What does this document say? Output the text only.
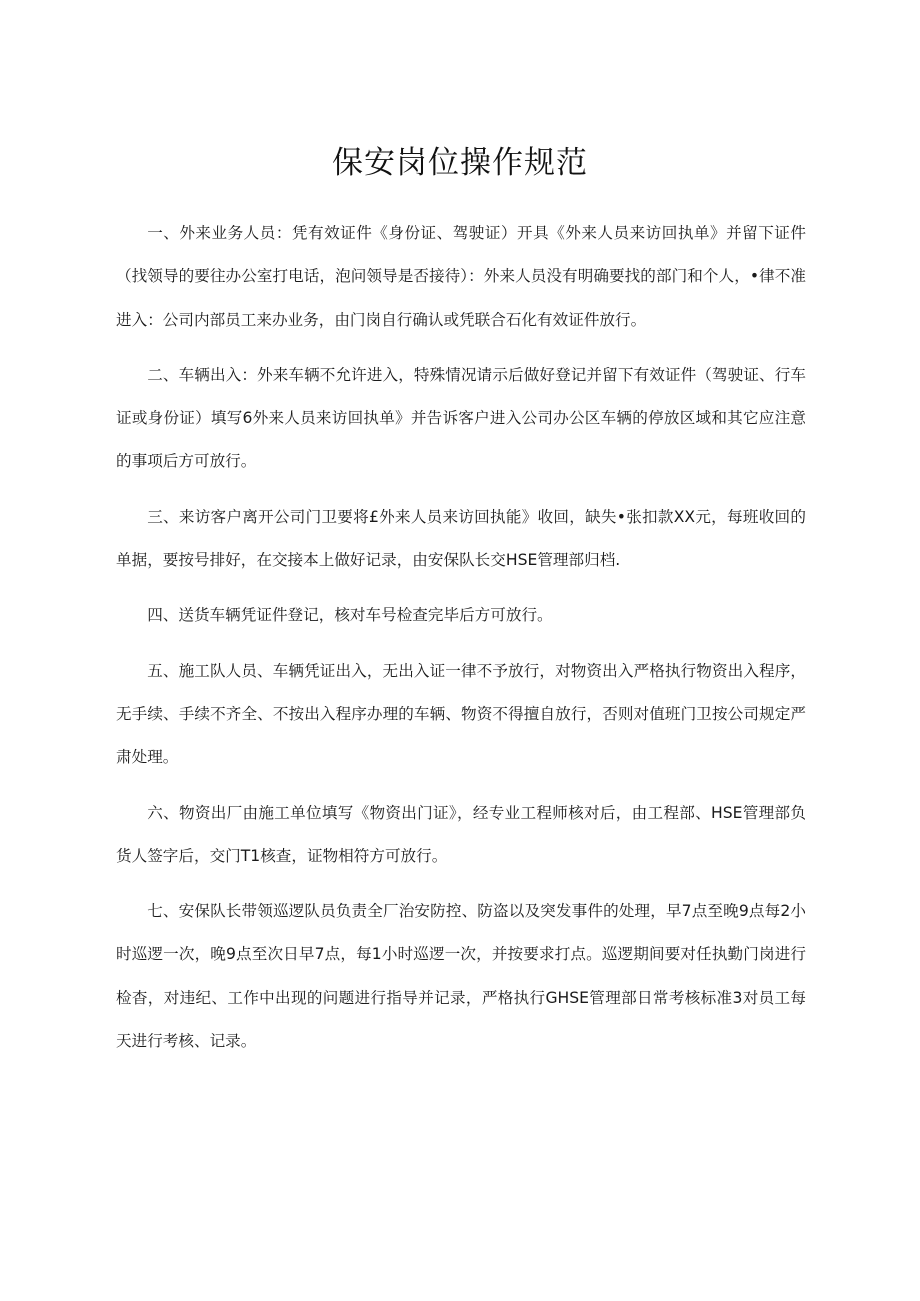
保安岗位操作规范

一、外来业务人员：凭有效证件《身份证、驾驶证）开具《外来人员来访回执单》并留下证件（找领导的要往办公室打电话，泡问领导是否接待）：外来人员没有明确要找的部门和个人，•律不准进入：公司内部员工来办业务，由门岗自行确认或凭联合石化有效证件放行。

二、车辆出入：外来车辆不允许进入，特殊情况请示后做好登记并留下有效证件（驾驶证、行车证或身份证）填写6外来人员来访回执单》并告诉客户进入公司办公区车辆的停放区域和其它应注意的事项后方可放行。

三、来访客户离开公司门卫要将£外来人员来访回执能》收回，缺失•张扣款XX元，每班收回的单据，要按号排好，在交接本上做好记录，由安保队长交HSE管理部归档.

四、送货车辆凭证件登记，核对车号检查完毕后方可放行。

五、施工队人员、车辆凭证出入，无出入证一律不予放行，对物资出入严格执行物资出入程序，无手续、手续不齐全、不按出入程序办理的车辆、物资不得擅自放行，否则对值班门卫按公司规定严肃处理。

六、物资出厂由施工单位填写《物资出门证》，经专业工程师核对后，由工程部、HSE管理部负货人签字后，交门T1核查，证物相符方可放行。

七、安保队长带领巡逻队员负责全厂治安防控、防盗以及突发事件的处理，早7点至晚9点每2小时巡逻一次，晚9点至次日早7点，每1小时巡逻一次，并按要求打点。巡逻期间要对任执勤门岗进行检杳，对违纪、工作中出现的问题进行指导并记录，严格执行GHSE管理部日常考核标准3对员工每天进行考核、记录。
